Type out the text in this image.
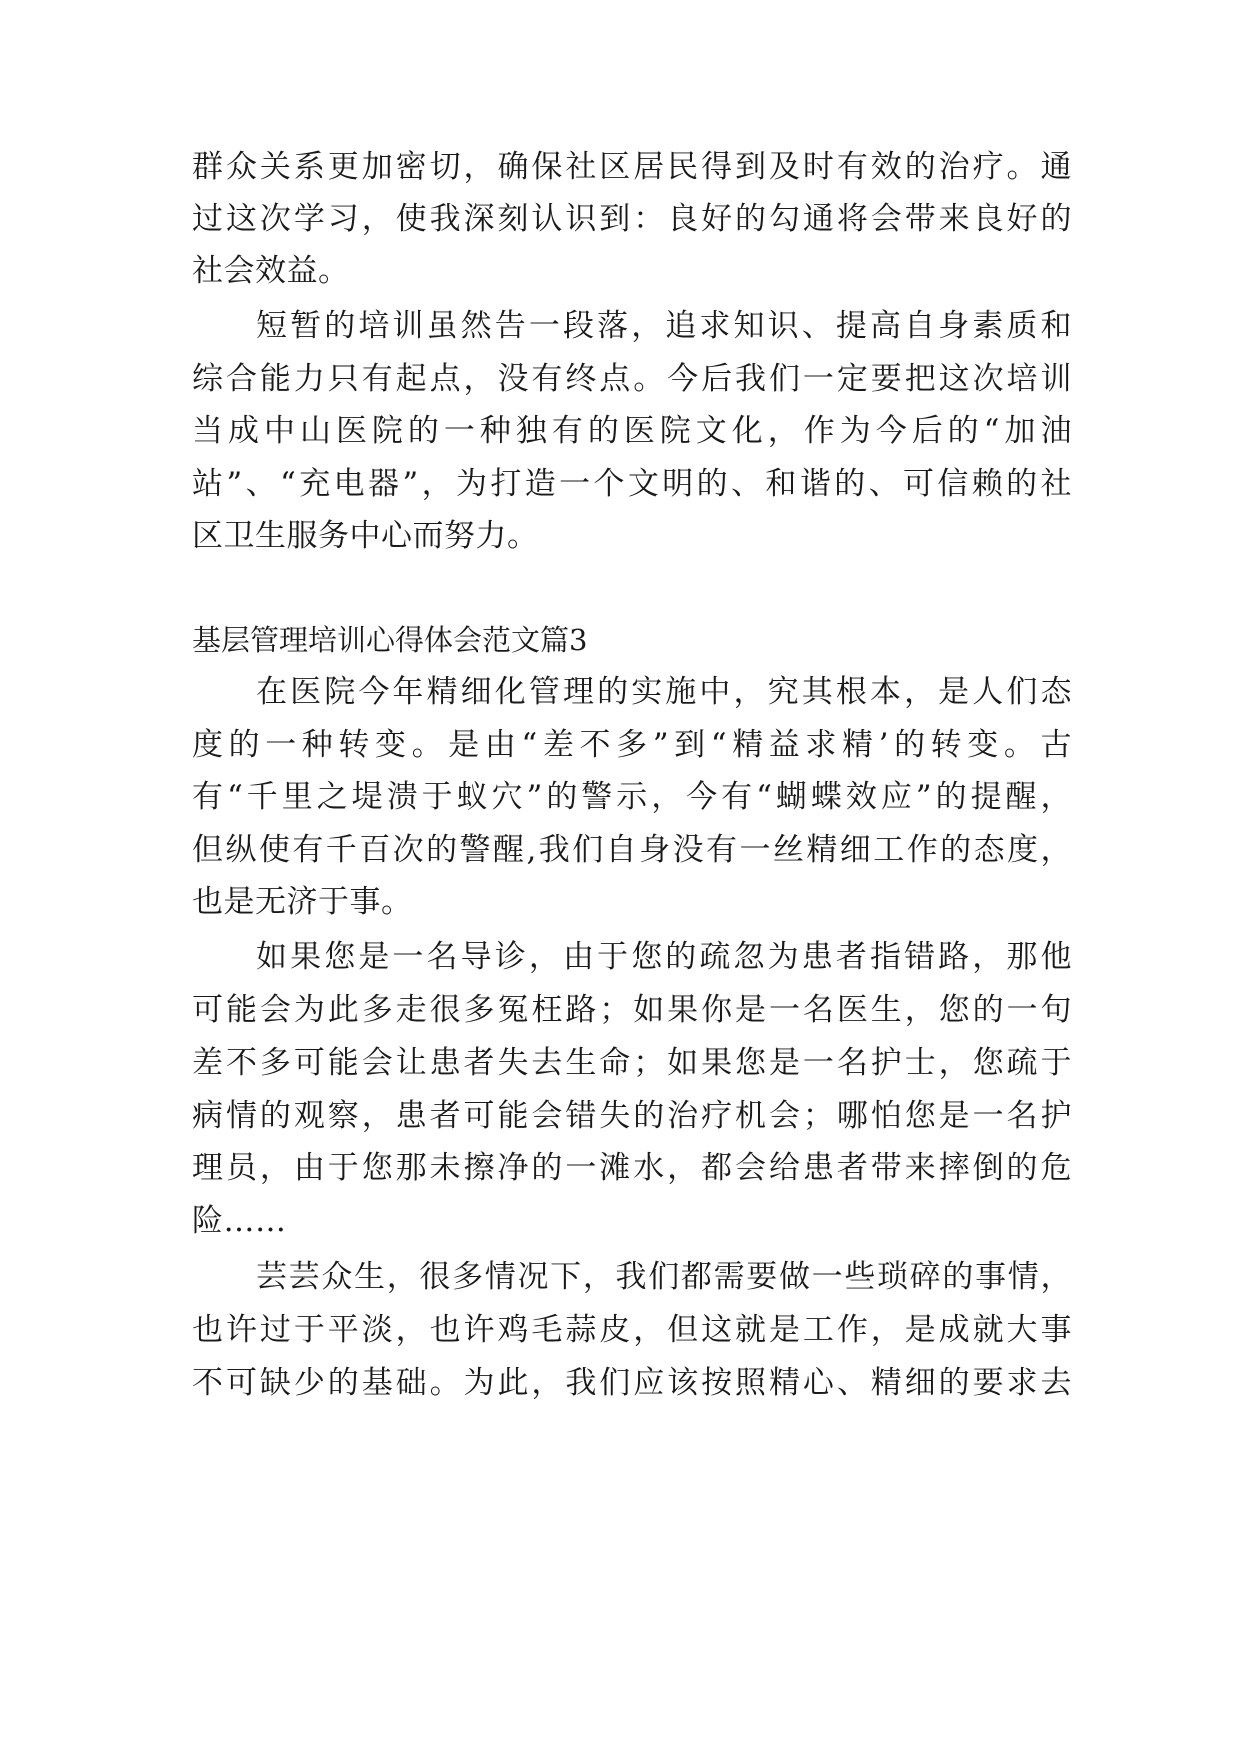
群众关系更加密切，确保社区居民得到及时有效的治疗。通
过这次学习，使我深刻认识到：良好的勾通将会带来良好的
社会效益。
短暂的培训虽然告一段落，追求知识、提高自身素质和
综合能力只有起点，没有终点。今后我们一定要把这次培训
当成中山医院的一种独有的医院文化，作为今后的“加油
站”、“充电器”，为打造一个文明的、和谐的、可信赖的社
区卫生服务中心而努力。
基层管理培训心得体会范文篇3
在医院今年精细化管理的实施中，究其根本，是人们态
度的一种转变。是由“差不多”到“精益求精’的转变。古
有“千里之堤溃于蚁穴”的警示，今有“蝴蝶效应”的提醒，
但纵使有千百次的警醒,我们自身没有一丝精细工作的态度，
也是无济于事。
如果您是一名导诊，由于您的疏忽为患者指错路，那他
可能会为此多走很多冤枉路；如果你是一名医生，您的一句
差不多可能会让患者失去生命；如果您是一名护士，您疏于
病情的观察，患者可能会错失的治疗机会；哪怕您是一名护
理员，由于您那未擦净的一滩水，都会给患者带来摔倒的危
险……
芸芸众生，很多情况下，我们都需要做一些琐碎的事情，
也许过于平淡，也许鸡毛蒜皮，但这就是工作，是成就大事
不可缺少的基础。为此，我们应该按照精心、精细的要求去
